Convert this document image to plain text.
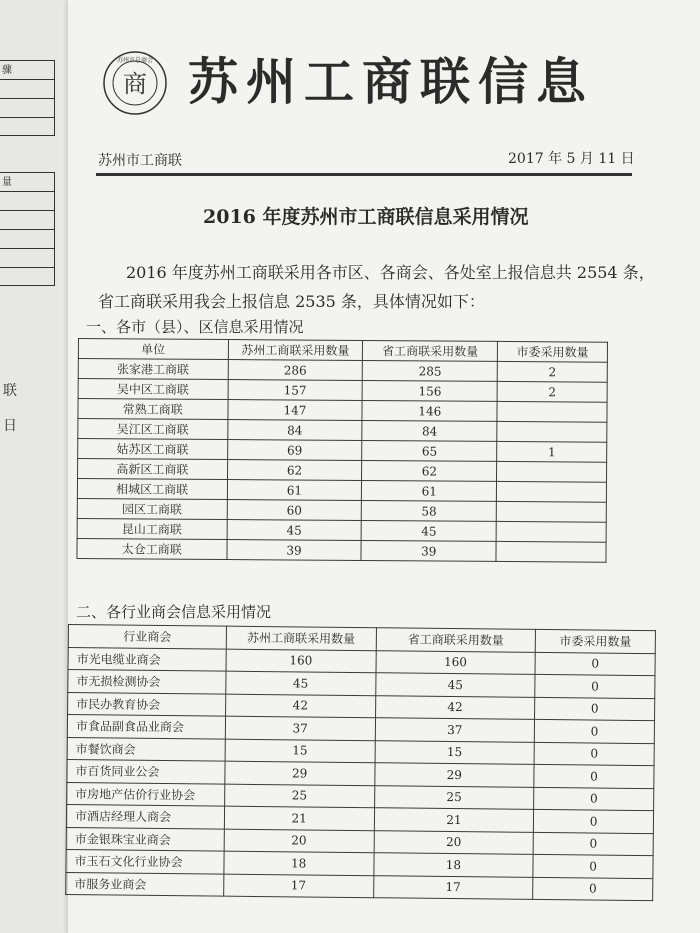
骤
量
联
日
苏州市总商会
商 苏州工商联信息
苏州市工商联	2017 年 5 月 11 日
2016 年度苏州市工商联信息采用情况
2016 年度苏州工商联采用各市区、各商会、各处室上报信息共 2554 条，
省工商联采用我会上报信息 2535 条，具体情况如下：
一、各市（县）、区信息采用情况
单位	苏州工商联采用数量	省工商联采用数量	市委采用数量
张家港工商联	286	285	2
吴中区工商联	157	156	2
常熟工商联	147	146	
吴江区工商联	84	84	
姑苏区工商联	69	65	1
高新区工商联	62	62	
相城区工商联	61	61	
园区工商联	60	58	
昆山工商联	45	45	
太仓工商联	39	39	
二、各行业商会信息采用情况
行业商会	苏州工商联采用数量	省工商联采用数量	市委采用数量
市光电缆业商会	160	160	0
市无损检测协会	45	45	0
市民办教育协会	42	42	0
市食品副食品业商会	37	37	0
市餐饮商会	15	15	0
市百货同业公会	29	29	0
市房地产估价行业协会	25	25	0
市酒店经理人商会	21	21	0
市金银珠宝业商会	20	20	0
市玉石文化行业协会	18	18	0
市服务业商会	17	17	0
